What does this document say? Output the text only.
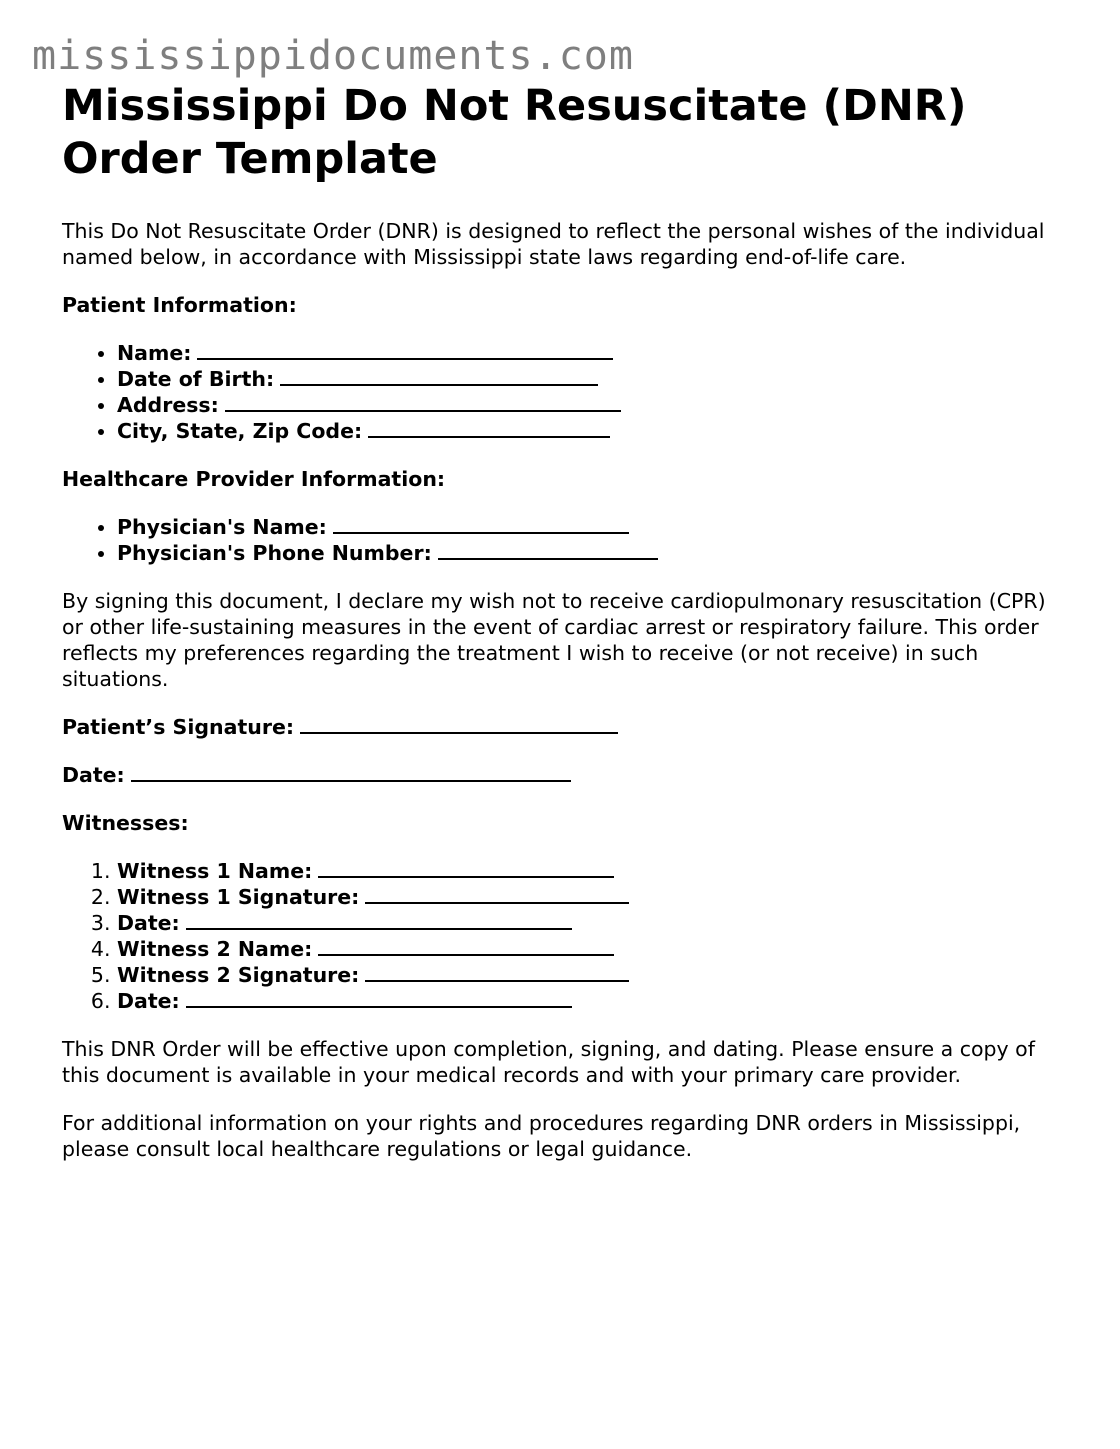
mississippidocuments.com
Mississippi Do Not Resuscitate (DNR) Order Template

This Do Not Resuscitate Order (DNR) is designed to reflect the personal wishes of the individual named below, in accordance with Mississippi state laws regarding end-of-life care.

Patient Information:

• Name:
• Date of Birth:
• Address:
• City, State, Zip Code:

Healthcare Provider Information:

• Physician's Name:
• Physician's Phone Number:

By signing this document, I declare my wish not to receive cardiopulmonary resuscitation (CPR) or other life-sustaining measures in the event of cardiac arrest or respiratory failure. This order reflects my preferences regarding the treatment I wish to receive (or not receive) in such situations.

Patient’s Signature:

Date:

Witnesses:

1. Witness 1 Name:
2. Witness 1 Signature:
3. Date:
4. Witness 2 Name:
5. Witness 2 Signature:
6. Date:

This DNR Order will be effective upon completion, signing, and dating. Please ensure a copy of this document is available in your medical records and with your primary care provider.

For additional information on your rights and procedures regarding DNR orders in Mississippi, please consult local healthcare regulations or legal guidance.
